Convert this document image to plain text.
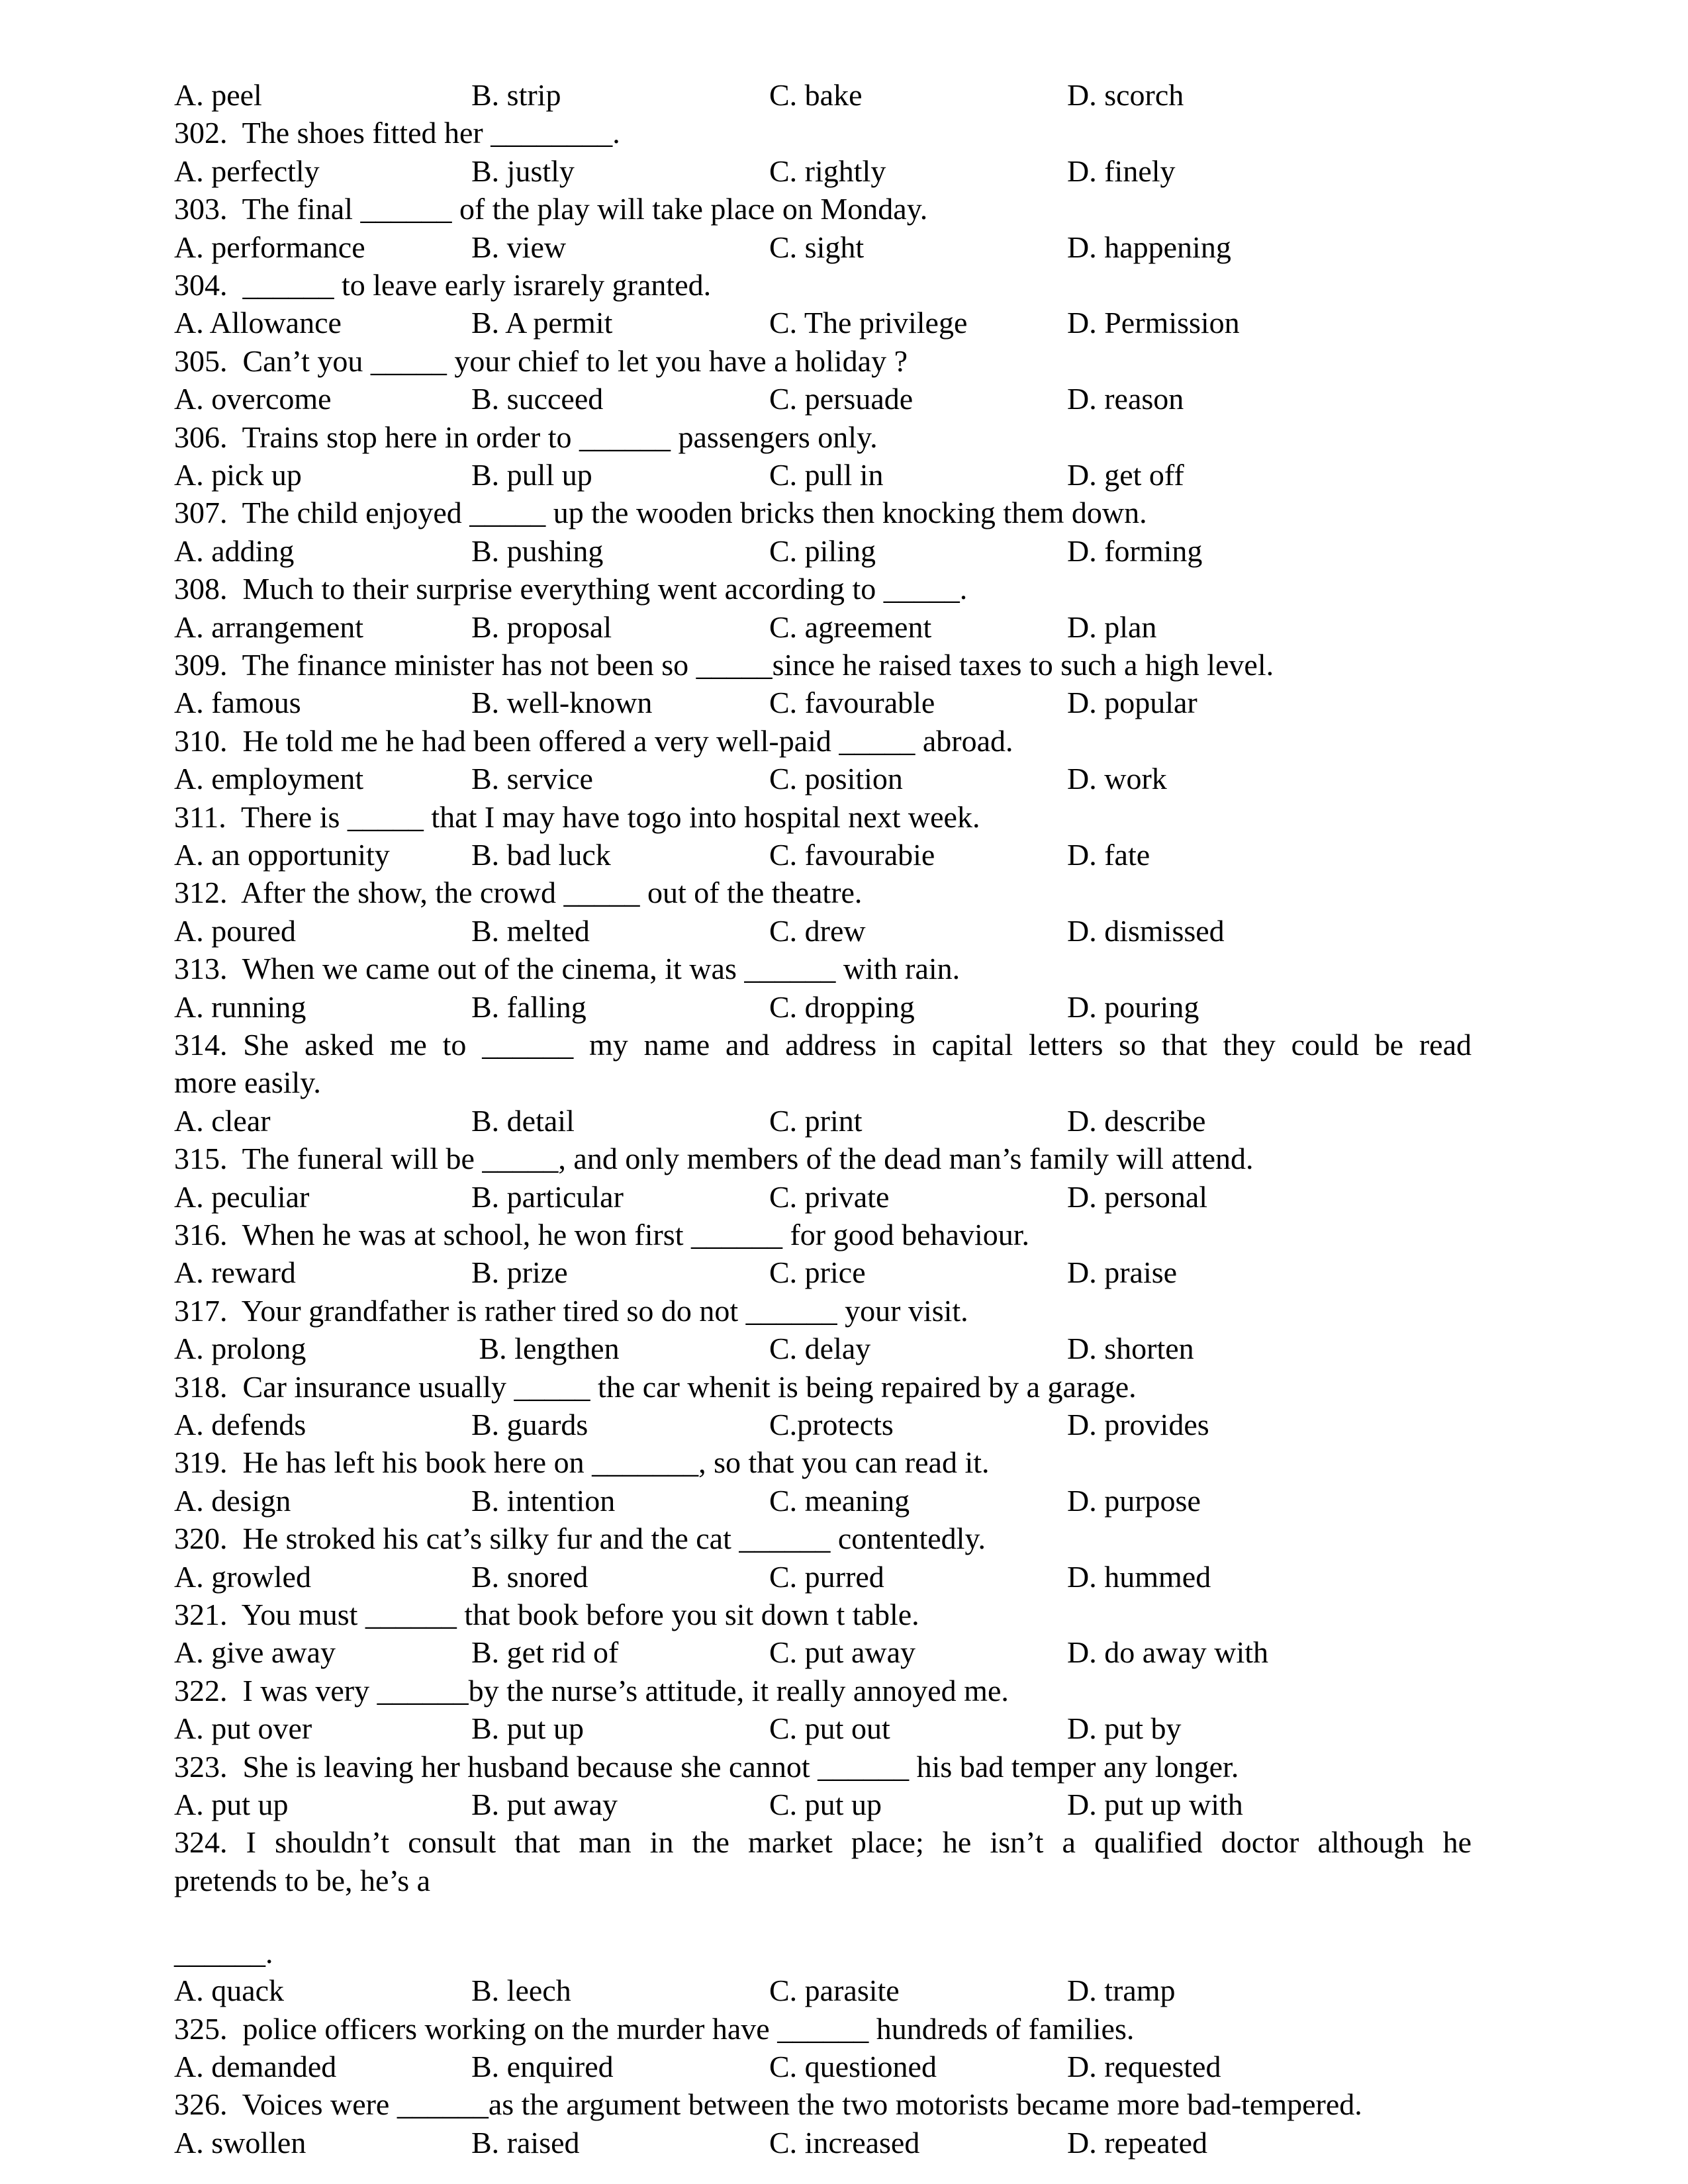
A. peel	B. strip	C. bake	D. scorch
302.  The shoes fitted her ________.
A. perfectly	B. justly	C. rightly	D. finely
303.  The final ______ of the play will take place on Monday.
A. performance	B. view	C. sight	D. happening
304.  ______ to leave early israrely granted.
A. Allowance	B. A permit	C. The privilege	D. Permission
305.  Can’t you _____ your chief to let you have a holiday ?
A. overcome	B. succeed	C. persuade	D. reason
306.  Trains stop here in order to ______ passengers only.
A. pick up	B. pull up	C. pull in	D. get off
307.  The child enjoyed _____ up the wooden bricks then knocking them down.
A. adding	B. pushing	C. piling	D. forming
308.  Much to their surprise everything went according to _____.
A. arrangement	B. proposal	C. agreement	D. plan
309.  The finance minister has not been so _____since he raised taxes to such a high level.
A. famous	B. well-known	C. favourable	D. popular
310.  He told me he had been offered a very well-paid _____ abroad.
A. employment	B. service	C. position	D. work
311.  There is _____ that I may have togo into hospital next week.
A. an opportunity	B. bad luck	C. favourabie	D. fate
312.  After the show, the crowd _____ out of the theatre.
A. poured	B. melted	C. drew	D. dismissed
313.  When we came out of the cinema, it was ______ with rain.
A. running	B. falling	C. dropping	D. pouring
314. She asked me to ______ my name and address in capital letters so that they could be read
more easily.
A. clear	B. detail	C. print	D. describe
315.  The funeral will be _____, and only members of the dead man’s family will attend.
A. peculiar	B. particular	C. private	D. personal
316.  When he was at school, he won first ______ for good behaviour.
A. reward	B. prize	C. price	D. praise
317.  Your grandfather is rather tired so do not ______ your visit.
A. prolong	B. lengthen	C. delay	D. shorten
318.  Car insurance usually _____ the car whenit is being repaired by a garage.
A. defends	B. guards	C.protects	D. provides
319.  He has left his book here on _______, so that you can read it.
A. design	B. intention	C. meaning	D. purpose
320.  He stroked his cat’s silky fur and the cat ______ contentedly.
A. growled	B. snored	C. purred	D. hummed
321.  You must ______ that book before you sit down t table.
A. give away	B. get rid of	C. put away	D. do away with
322.  I was very ______by the nurse’s attitude, it really annoyed me.
A. put over	B. put up	C. put out	D. put by
323.  She is leaving her husband because she cannot ______ his bad temper any longer.
A. put up	B. put away	C. put up	D. put up with
324. I shouldn’t consult that man in the market place; he isn’t a qualified doctor although he
pretends to be, he’s a
______.
A. quack	B. leech	C. parasite	D. tramp
325.  police officers working on the murder have ______ hundreds of families.
A. demanded	B. enquired	C. questioned	D. requested
326.  Voices were ______as the argument between the two motorists became more bad-tempered.
A. swollen	B. raised	C. increased	D. repeated
